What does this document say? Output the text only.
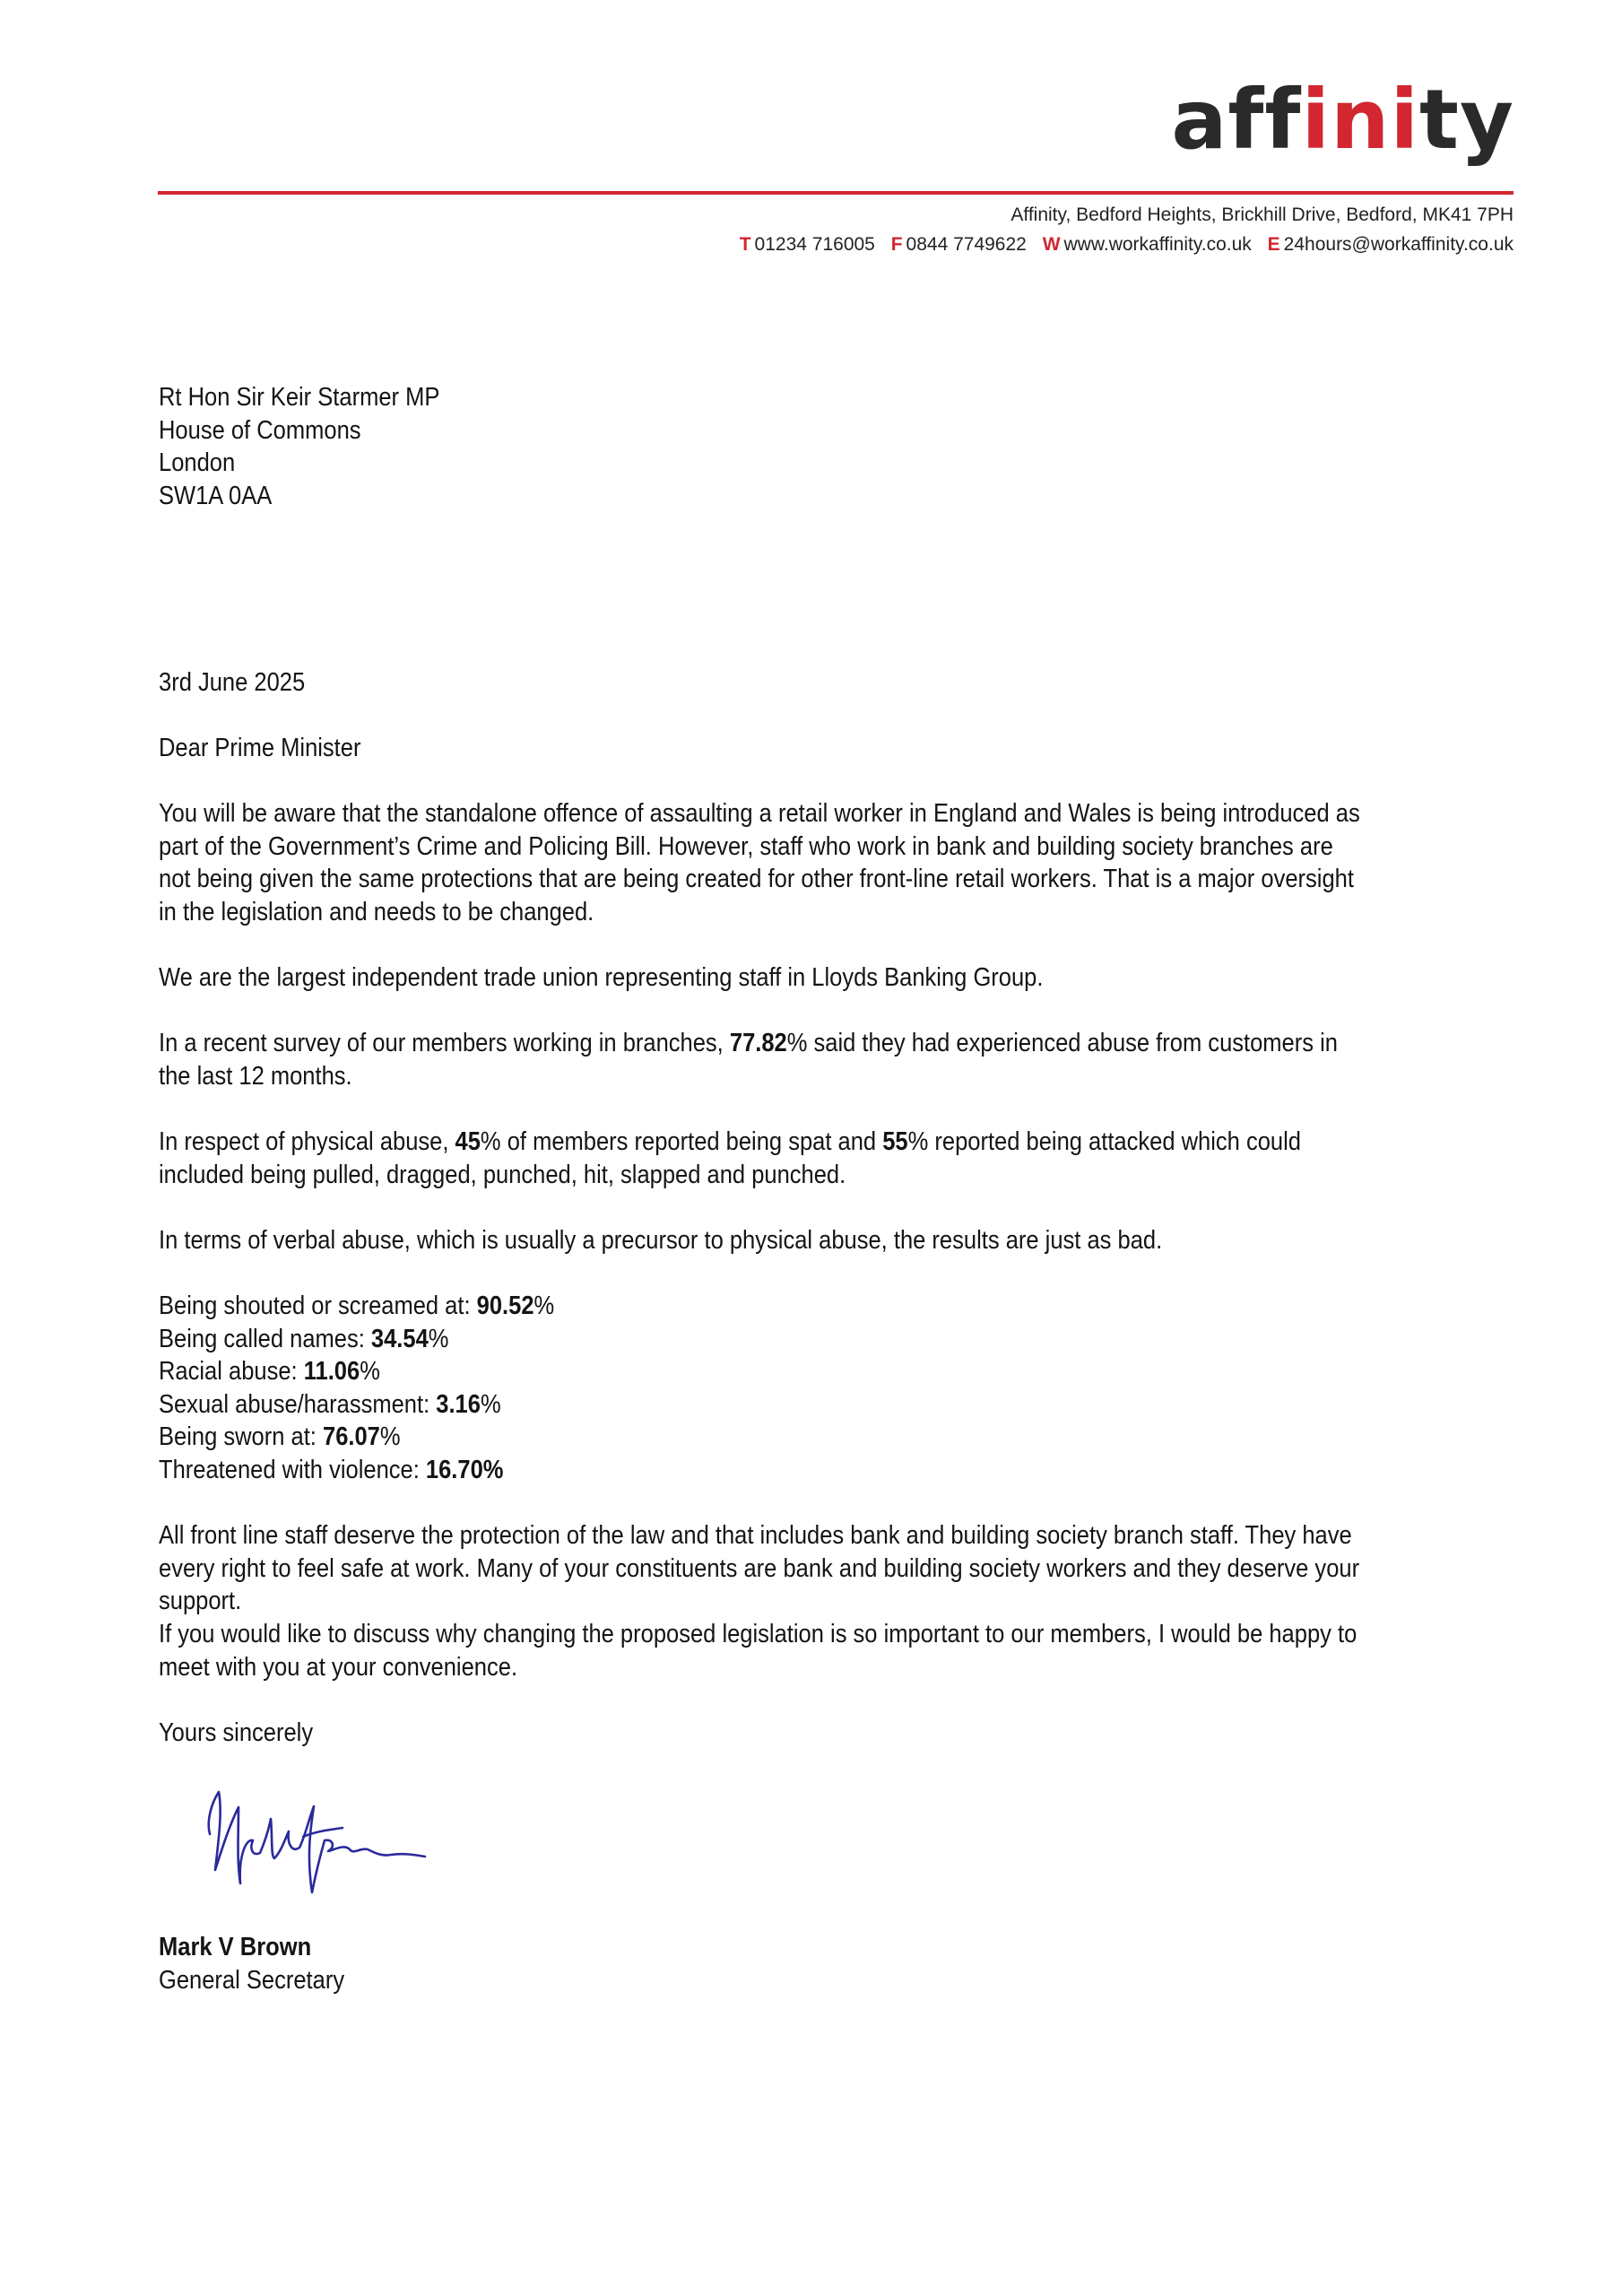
affinity
Affinity, Bedford Heights, Brickhill Drive, Bedford, MK41 7PH
T 01234 716005 F 0844 7749622 W www.workaffinity.co.uk E 24hours@workaffinity.co.uk

Rt Hon Sir Keir Starmer MP

House of Commons

London

SW1A 0AA

3rd June 2025
Dear Prime Minister
You will be aware that the standalone offence of assaulting a retail worker in England and Wales is being introduced as part of the Government’s Crime and Policing Bill. However, staff who work in bank and building society branches are not being given the same protections that are being created for other front-line retail workers. That is a major oversight in the legislation and needs to be changed.
We are the largest independent trade union representing staff in Lloyds Banking Group.
In a recent survey of our members working in branches, 77.82% said they had experienced abuse from customers in the last 12 months.
In respect of physical abuse, 45% of members reported being spat and 55% reported being attacked which could included being pulled, dragged, punched, hit, slapped and punched.
In terms of verbal abuse, which is usually a precursor to physical abuse, the results are just as bad.

Being shouted or screamed at: 90.52%

Being called names: 34.54%

Racial abuse: 11.06%

Sexual abuse/harassment: 3.16%

Being sworn at: 76.07%

Threatened with violence: 16.70%

All front line staff deserve the protection of the law and that includes bank and building society branch staff. They have every right to feel safe at work. Many of your constituents are bank and building society workers and they deserve your support.
If you would like to discuss why changing the proposed legislation is so important to our members, I would be happy to meet with you at your convenience.
Yours sincerely

Mark V Brown

General Secretary
